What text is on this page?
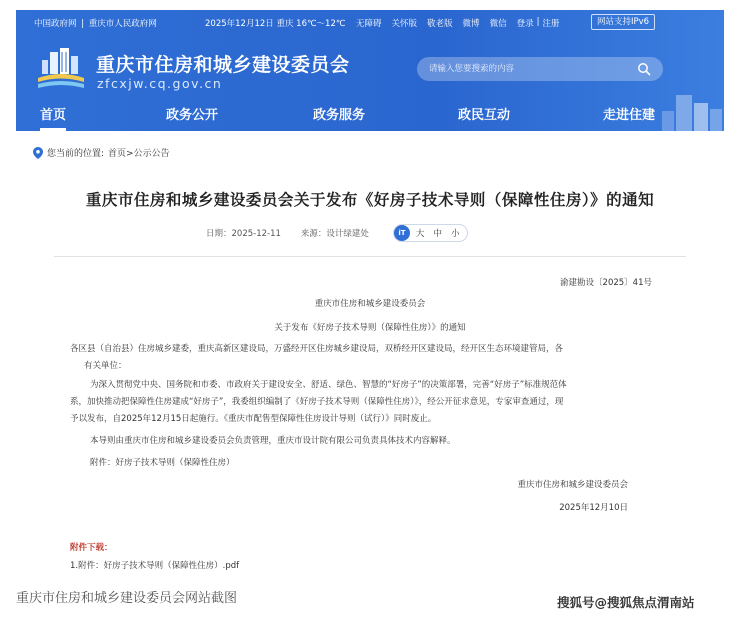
中国政府网 | 重庆市人民政府网	2025年12月12日 重庆 16℃～12℃ 无障碍 关怀版 敬老版 微博 微信 登录 | 注册	网站支持IPv6
重庆市住房和城乡建设委员会
zfcxjw.cq.gov.cn
请输入您要搜索的内容
首页	政务公开	政务服务	政民互动	走进住建
您当前的位置: 首页>公示公告
重庆市住房和城乡建设委员会关于发布《好房子技术导则（保障性住房）》的通知
日期：2025-12-11 来源：设计绿建处	iT	大 中 小
渝建勘设〔2025〕41号
重庆市住房和城乡建设委员会
关于发布《好房子技术导则（保障性住房）》的通知
各区县（自治县）住房城乡建委，重庆高新区建设局，万盛经开区住房城乡建设局，双桥经开区建设局，经开区生态环境建管局，各
有关单位：
为深入贯彻党中央、国务院和市委、市政府关于建设安全、舒适、绿色、智慧的“好房子”的决策部署，完善“好房子”标准规范体
系，加快推动把保障性住房建成“好房子”，我委组织编制了《好房子技术导则（保障性住房）》，经公开征求意见，专家审查通过，现
予以发布，自2025年12月15日起施行。《重庆市配售型保障性住房设计导则（试行）》同时废止。
本导则由重庆市住房和城乡建设委员会负责管理，重庆市设计院有限公司负责具体技术内容解释。
附件：好房子技术导则（保障性住房）
重庆市住房和城乡建设委员会
2025年12月10日
附件下载：
1.附件：好房子技术导则（保障性住房）.pdf
重庆市住房和城乡建设委员会网站截图	搜狐号@搜狐焦点渭南站
